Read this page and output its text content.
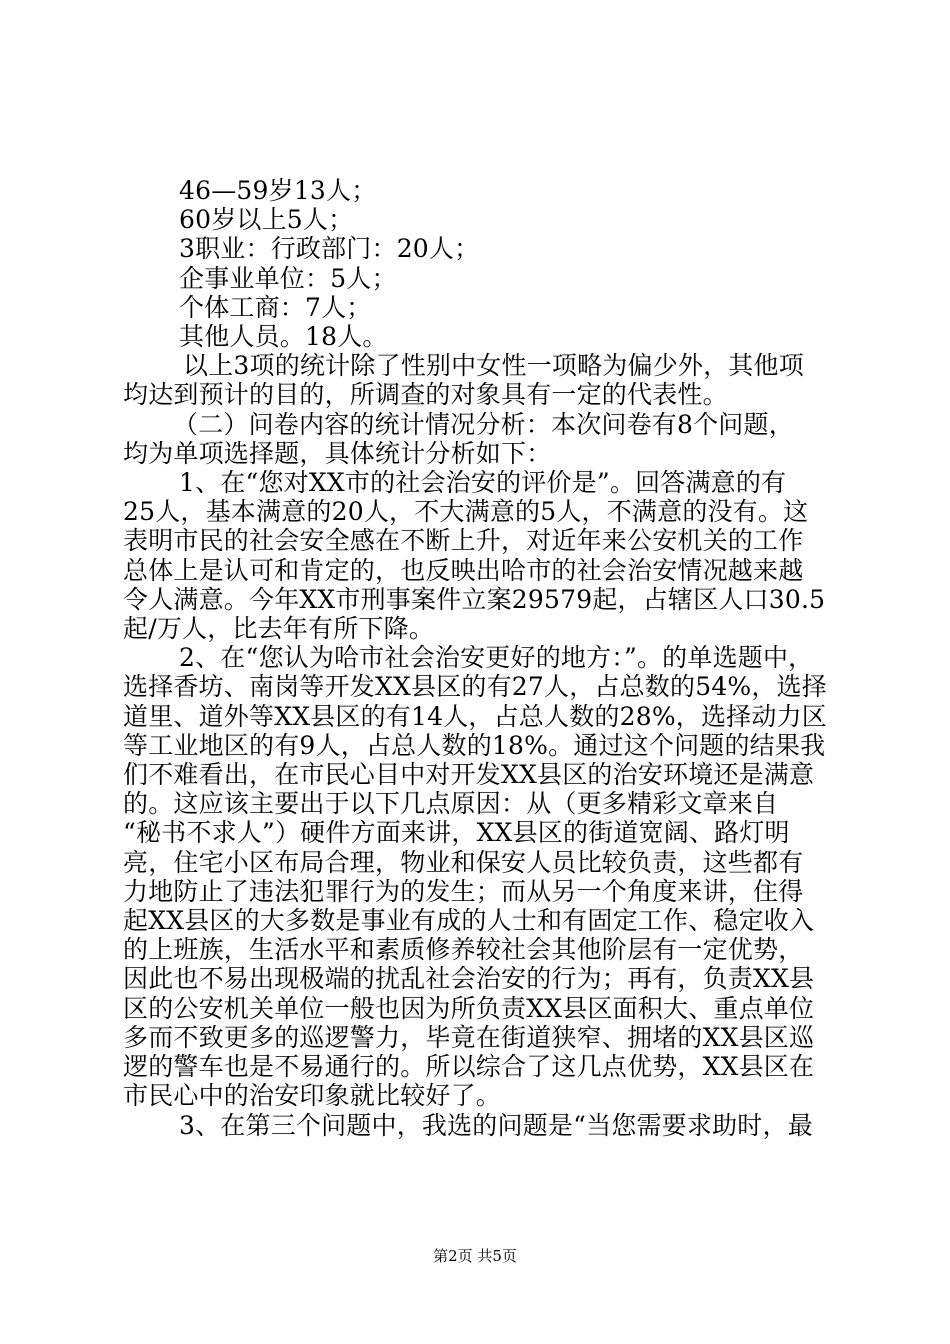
46—59岁13人；
60岁以上5人；
3职业：行政部门：20人；
企事业单位：5人；
个体工商：7人；
其他人员。18人。
以上3项的统计除了性别中女性一项略为偏少外，其他项
均达到预计的目的，所调查的对象具有一定的代表性。
（二）问卷内容的统计情况分析：本次问卷有8个问题，
均为单项选择题，具体统计分析如下：
1、在“您对XX市的社会治安的评价是”。回答满意的有
25人，基本满意的20人，不大满意的5人，不满意的没有。这
表明市民的社会安全感在不断上升，对近年来公安机关的工作
总体上是认可和肯定的，也反映出哈市的社会治安情况越来越
令人满意。今年XX市刑事案件立案29579起，占辖区人口30.5
起/万人，比去年有所下降。
2、在“您认为哈市社会治安更好的地方：”。的单选题中，
选择香坊、南岗等开发XX县区的有27人，占总数的54%，选择
道里、道外等XX县区的有14人，占总人数的28%，选择动力区
等工业地区的有9人，占总人数的18%。通过这个问题的结果我
们不难看出，在市民心目中对开发XX县区的治安环境还是满意
的。这应该主要出于以下几点原因：从（更多精彩文章来自
“秘书不求人”）硬件方面来讲，XX县区的街道宽阔、路灯明
亮，住宅小区布局合理，物业和保安人员比较负责，这些都有
力地防止了违法犯罪行为的发生；而从另一个角度来讲，住得
起XX县区的大多数是事业有成的人士和有固定工作、稳定收入
的上班族，生活水平和素质修养较社会其他阶层有一定优势，
因此也不易出现极端的扰乱社会治安的行为；再有，负责XX县
区的公安机关单位一般也因为所负责XX县区面积大、重点单位
多而不致更多的巡逻警力，毕竟在街道狭窄、拥堵的XX县区巡
逻的警车也是不易通行的。所以综合了这几点优势，XX县区在
市民心中的治安印象就比较好了。
3、在第三个问题中，我选的问题是“当您需要求助时，最
第2页 共5页
